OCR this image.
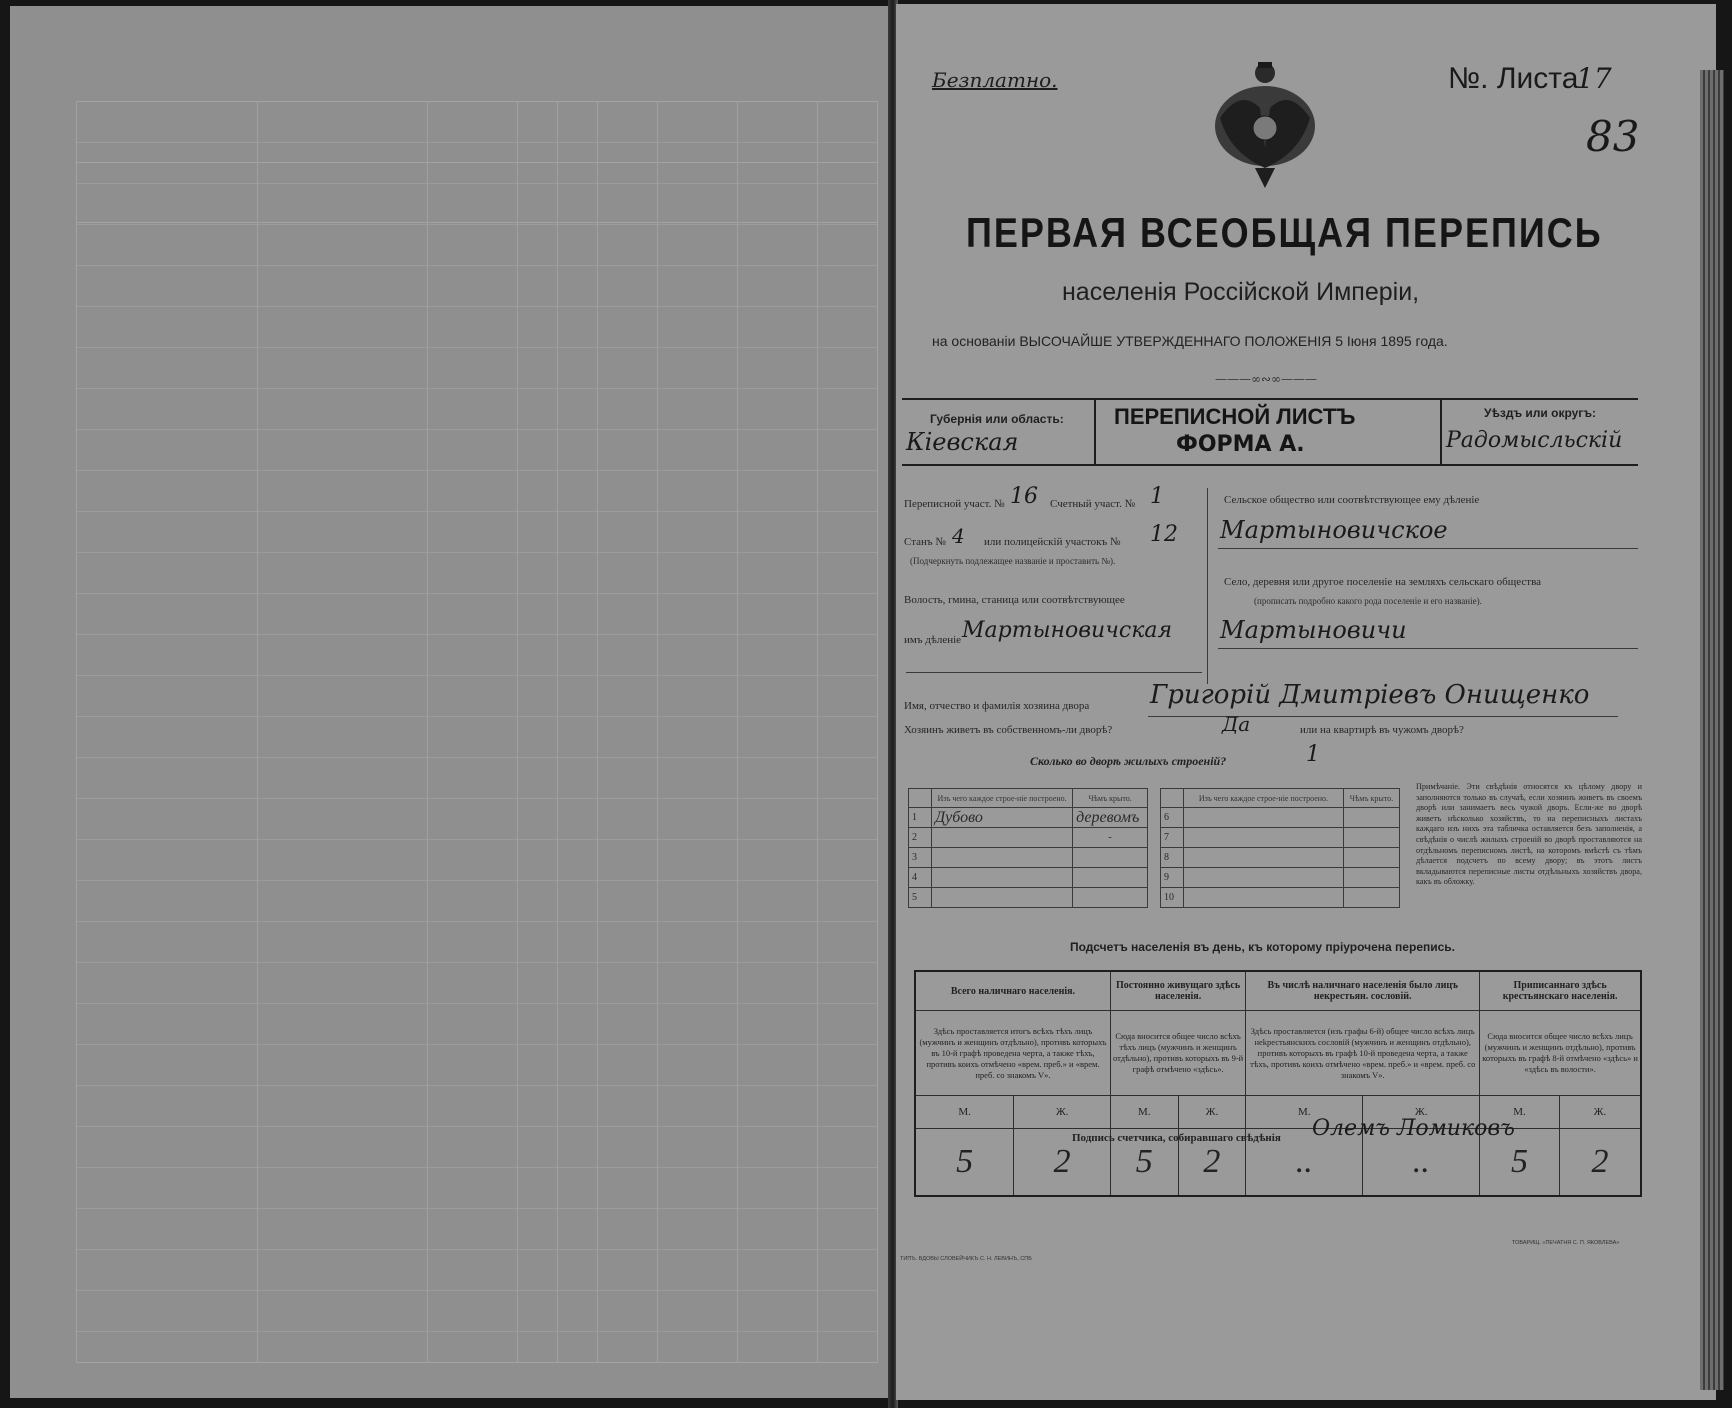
Безплатно.	№. Листа
17
83
ПЕРВАЯ ВСЕОБЩАЯ ПЕРЕПИСЬ
населенія Россійской Имперіи,
на основаніи ВЫСОЧАЙШЕ УТВЕРЖДЕННАГО ПОЛОЖЕНІЯ 5 Іюня 1895 года.
———∞∾∞———
Губернія или область:
Кіевская
ПЕРЕПИСНОЙ ЛИСТЪ
ФОРМА А.
Уѣздъ или округъ:
Радомысльскій
Переписной участ. № 16 Счетный участ. № 1
Станъ № 4 или полицейскій участокъ № 12
(Подчеркнуть подлежащее названіе и проставить №).
Волость, гмина, станица или соотвѣтствующее
имъ дѣленіе Мартыновичская
Сельское общество или соотвѣтствующее ему дѣленіе
Мартыновичское
Село, деревня или другое поселеніе на земляхъ сельскаго общества
(прописать подробно какого рода поселеніе и его названіе).
Мартыновичи
Имя, отчество и фамилія хозяина двора Григорій Дмитріевъ Онищенко
Хозяинъ живетъ въ собственномъ-ли дворѣ?	Да	или на квартирѣ въ чужомъ дворѣ?
Сколько во дворѣ жилыхъ строеній?	1
	Изъ чего каждое строе-ніе построено.	Чѣмъ крыто.
1	Дубово	деревомъ
2		-
3		
4		
5		
	Изъ чего каждое строе-ніе построено.	Чѣмъ крыто.
6		
7		
8		
9		
10		
Примѣчаніе. Эти свѣдѣнія относятся къ цѣлому двору и заполняются только въ случаѣ, если хозяинъ живетъ въ своемъ дворѣ или занимаетъ весь чужой дворъ. Если-же во дворѣ живетъ нѣсколько хозяйствъ, то на переписныхъ листахъ каждаго изъ нихъ эта табличка оставляется безъ заполненія, а свѣдѣнія о числѣ жилыхъ строеній во дворѣ проставляются на отдѣльномъ переписномъ листѣ, на которомъ вмѣстѣ съ тѣмъ дѣлается подсчетъ по всему двору; въ этотъ листъ вкладываются переписные листы отдѣльныхъ хозяйствъ двора, какъ въ обложку.
Подсчетъ населенія въ день, къ которому пріурочена перепись.
Всего наличнаго населенія.		Постоянно живущаго здѣсь населенія.		Въ числѣ наличнаго населенія было лицъ некрестьян. сословій.		Приписаннаго здѣсь крестьянскаго населенія.	
Здѣсь проставляется итогъ всѣхъ тѣхъ лицъ (мужчинъ и женщинъ отдѣльно), противъ которыхъ въ 10-й графѣ проведена черта, а также тѣхъ, противъ коихъ отмѣчено «врем. преб.» и «врем. преб. со знакомъ V».		Сюда вносится общее число всѣхъ тѣхъ лицъ (мужчинъ и женщинъ отдѣльно), противъ которыхъ въ 9-й графѣ отмѣчено «здѣсь».		Здѣсь проставляется (изъ графы 6-й) общее число всѣхъ лицъ нekрестьянскихъ сословій (мужчинъ и женщинъ отдѣльно), противъ которыхъ въ графѣ 10-й проведена черта, а также тѣхъ, противъ коихъ отмѣчено «врем. преб.» и «врем. преб. со знакомъ V».		Сюда вносится общее число всѣхъ лицъ (мужчинъ и женщинъ отдѣльно), противъ которыхъ въ графѣ 8-й отмѣчено «здѣсь» и «здѣсь въ волости».	
М.	Ж.	М.	Ж.	М.	Ж.	М.	Ж.
5	2	5	2	..	..	5	2
Подпись счетчика, собиравшаго свѣдѣнія Олемъ Ломиковъ
ТИПЪ. ВДОВЫ СЛОВЕЙЧИКЪ С. Н. ЛЕВИНЪ, СПБ
ТОВАРИЩ. «ПЕЧАТНЯ С. П. ЯКОВЛЕВА»
